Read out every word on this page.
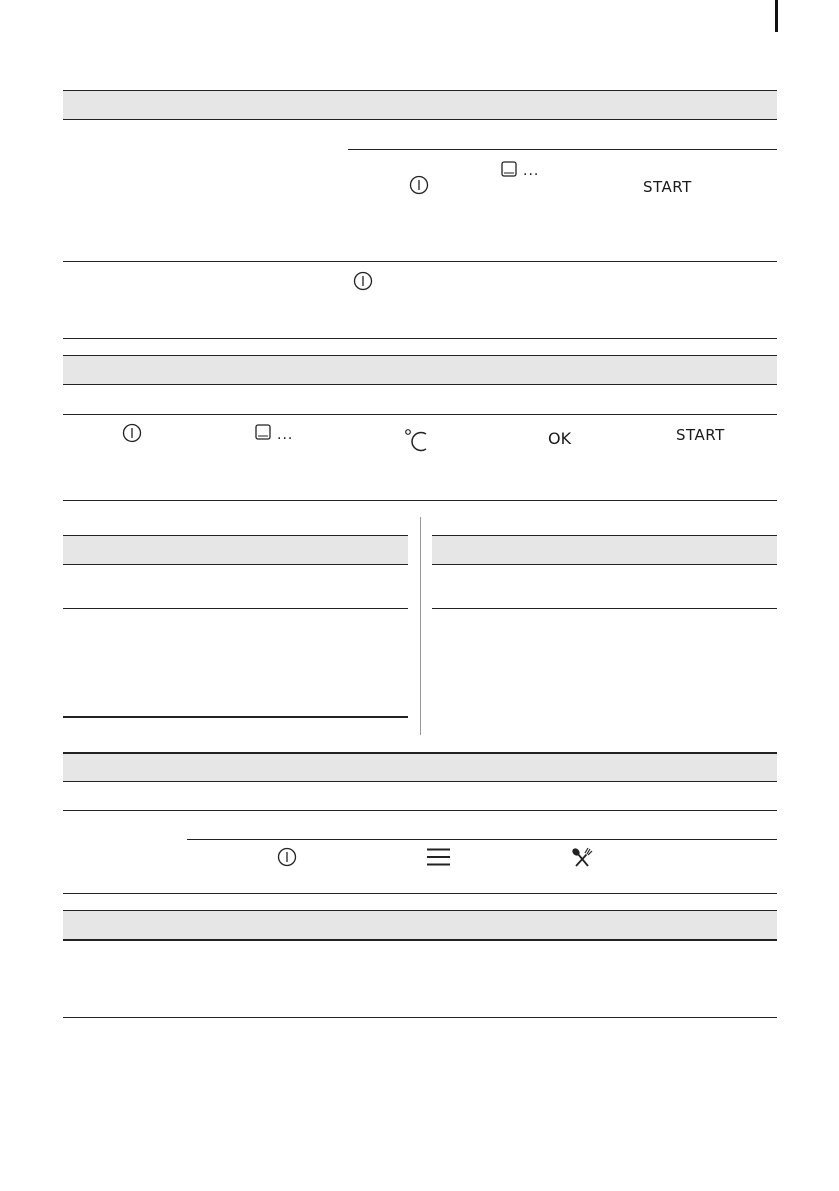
...
START
...	OK	START
